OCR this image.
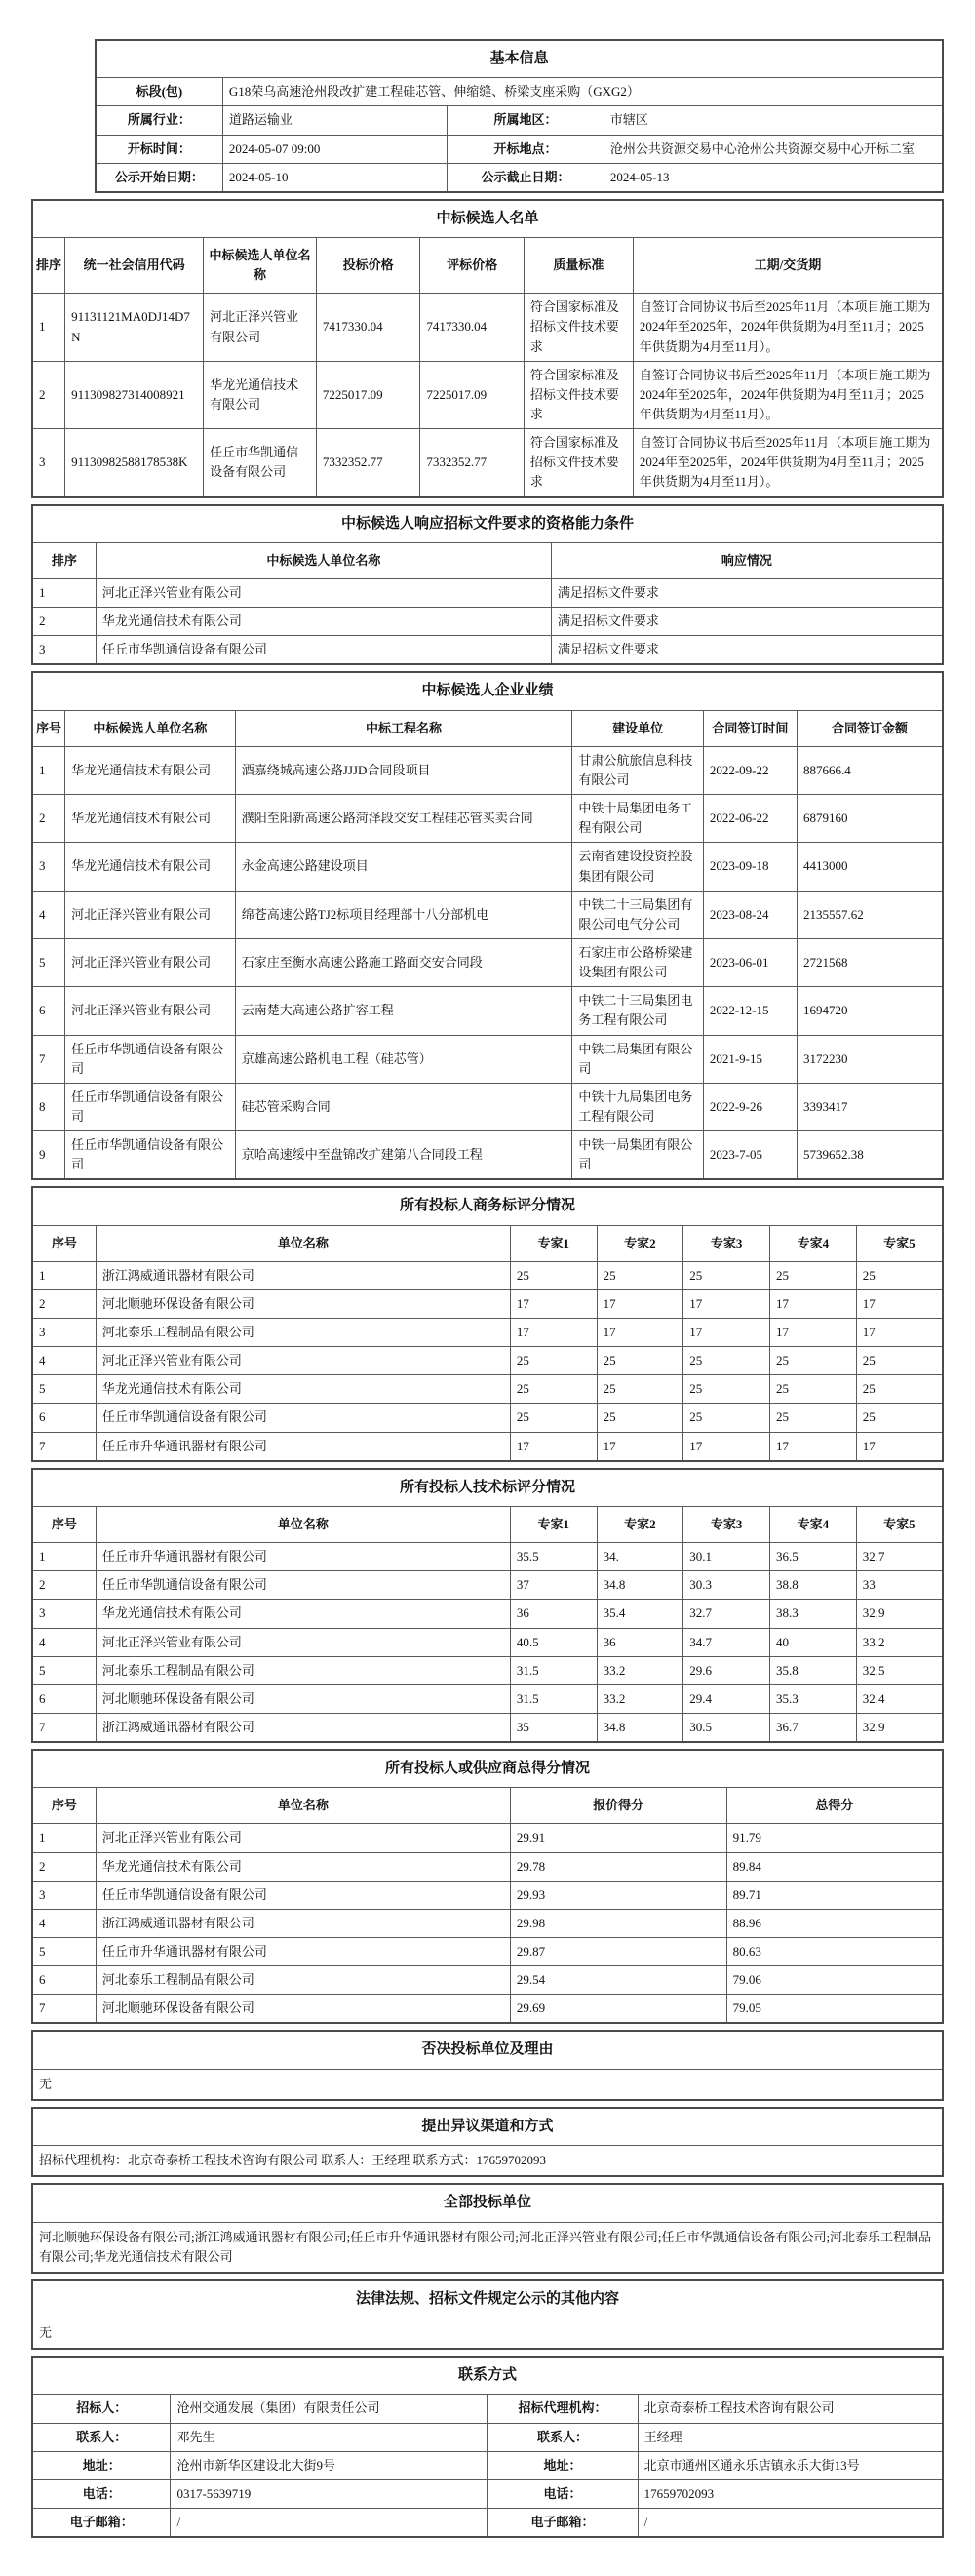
基本信息			
标段(包)	G18荣乌高速沧州段改扩建工程硅芯管、伸缩缝、桥梁支座采购（GXG2）		
所属行业：	道路运输业	所属地区：	市辖区
开标时间：	2024-05-07 09:00	开标地点：	沧州公共资源交易中心沧州公共资源交易中心开标二室
公示开始日期：	2024-05-10	公示截止日期：	2024-05-13
中标候选人名单						
排序	统一社会信用代码	中标候选人单位名称	投标价格	评标价格	质量标准	工期/交货期
1	91131121MA0DJ14D7N	河北正泽兴管业有限公司	7417330.04	7417330.04	符合国家标准及招标文件技术要求	自签订合同协议书后至2025年11月（本项目施工期为2024年至2025年，2024年供货期为4月至11月；2025年供货期为4月至11月）。
2	911309827314008921	华龙光通信技术有限公司	7225017.09	7225017.09	符合国家标准及招标文件技术要求	自签订合同协议书后至2025年11月（本项目施工期为2024年至2025年，2024年供货期为4月至11月；2025年供货期为4月至11月）。
3	91130982588178538K	任丘市华凯通信设备有限公司	7332352.77	7332352.77	符合国家标准及招标文件技术要求	自签订合同协议书后至2025年11月（本项目施工期为2024年至2025年，2024年供货期为4月至11月；2025年供货期为4月至11月）。
中标候选人响应招标文件要求的资格能力条件		
排序	中标候选人单位名称	响应情况
1	河北正泽兴管业有限公司	满足招标文件要求
2	华龙光通信技术有限公司	满足招标文件要求
3	任丘市华凯通信设备有限公司	满足招标文件要求
中标候选人企业业绩					
序号	中标候选人单位名称	中标工程名称	建设单位	合同签订时间	合同签订金额
1	华龙光通信技术有限公司	酒嘉绕城高速公路JJJD合同段项目	甘肃公航旅信息科技有限公司	2022-09-22	887666.4
2	华龙光通信技术有限公司	濮阳至阳新高速公路菏泽段交安工程硅芯管买卖合同	中铁十局集团电务工程有限公司	2022-06-22	6879160
3	华龙光通信技术有限公司	永金高速公路建设项目	云南省建设投资控股集团有限公司	2023-09-18	4413000
4	河北正泽兴管业有限公司	绵苍高速公路TJ2标项目经理部十八分部机电	中铁二十三局集团有限公司电气分公司	2023-08-24	2135557.62
5	河北正泽兴管业有限公司	石家庄至衡水高速公路施工路面交安合同段	石家庄市公路桥梁建设集团有限公司	2023-06-01	2721568
6	河北正泽兴管业有限公司	云南楚大高速公路扩容工程	中铁二十三局集团电务工程有限公司	2022-12-15	1694720
7	任丘市华凯通信设备有限公司	京雄高速公路机电工程（硅芯管）	中铁二局集团有限公司	2021-9-15	3172230
8	任丘市华凯通信设备有限公司	硅芯管采购合同	中铁十九局集团电务工程有限公司	2022-9-26	3393417
9	任丘市华凯通信设备有限公司	京哈高速绥中至盘锦改扩建第八合同段工程	中铁一局集团有限公司	2023-7-05	5739652.38
所有投标人商务标评分情况						
序号	单位名称	专家1	专家2	专家3	专家4	专家5
1	浙江鸿威通讯器材有限公司	25	25	25	25	25
2	河北顺驰环保设备有限公司	17	17	17	17	17
3	河北泰乐工程制品有限公司	17	17	17	17	17
4	河北正泽兴管业有限公司	25	25	25	25	25
5	华龙光通信技术有限公司	25	25	25	25	25
6	任丘市华凯通信设备有限公司	25	25	25	25	25
7	任丘市升华通讯器材有限公司	17	17	17	17	17
所有投标人技术标评分情况						
序号	单位名称	专家1	专家2	专家3	专家4	专家5
1	任丘市升华通讯器材有限公司	35.5	34.	30.1	36.5	32.7
2	任丘市华凯通信设备有限公司	37	34.8	30.3	38.8	33
3	华龙光通信技术有限公司	36	35.4	32.7	38.3	32.9
4	河北正泽兴管业有限公司	40.5	36	34.7	40	33.2
5	河北泰乐工程制品有限公司	31.5	33.2	29.6	35.8	32.5
6	河北顺驰环保设备有限公司	31.5	33.2	29.4	35.3	32.4
7	浙江鸿威通讯器材有限公司	35	34.8	30.5	36.7	32.9
所有投标人或供应商总得分情况			
序号	单位名称	报价得分	总得分
1	河北正泽兴管业有限公司	29.91	91.79
2	华龙光通信技术有限公司	29.78	89.84
3	任丘市华凯通信设备有限公司	29.93	89.71
4	浙江鸿威通讯器材有限公司	29.98	88.96
5	任丘市升华通讯器材有限公司	29.87	80.63
6	河北泰乐工程制品有限公司	29.54	79.06
7	河北顺驰环保设备有限公司	29.69	79.05
否决投标单位及理由
无
提出异议渠道和方式
招标代理机构：北京奇泰桥工程技术咨询有限公司 联系人：王经理 联系方式：17659702093
全部投标单位
河北顺驰环保设备有限公司;浙江鸿威通讯器材有限公司;任丘市升华通讯器材有限公司;河北正泽兴管业有限公司;任丘市华凯通信设备有限公司;河北泰乐工程制品有限公司;华龙光通信技术有限公司
法律法规、招标文件规定公示的其他内容
无
联系方式			
招标人：	沧州交通发展（集团）有限责任公司	招标代理机构：	北京奇泰桥工程技术咨询有限公司
联系人：	邓先生	联系人：	王经理
地址：	沧州市新华区建设北大街9号	地址：	北京市通州区通永乐店镇永乐大街13号
电话：	0317-5639719	电话：	17659702093
电子邮箱：	/	电子邮箱：	/
